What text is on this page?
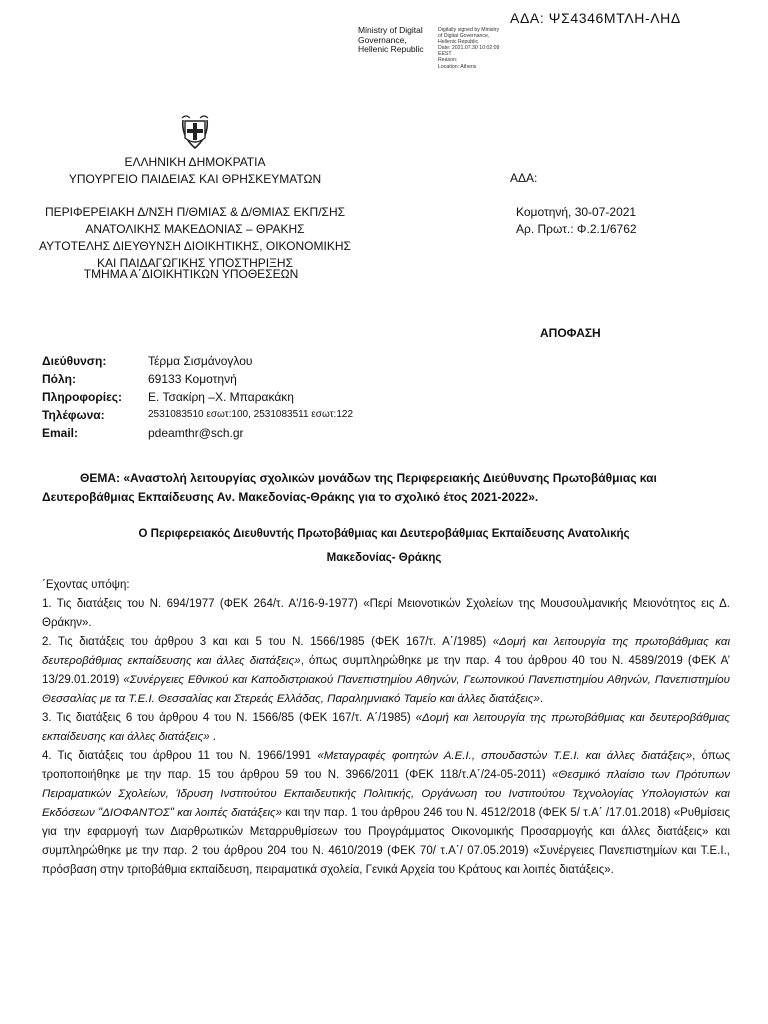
ΑΔΑ: ΨΣ4346ΜΤΛΗ-ΛΗΔ
Ministry of Digital
Governance,
Hellenic Republic
Digitally signed by Ministry
of Digital Governance,
Hellenic Republic
Date: 2021.07.30 10:02:09
EEST
Reason:
Location: Athens
ΕΛΛΗΝΙΚΗ ΔΗΜΟΚΡΑΤΙΑ
ΥΠΟΥΡΓΕΙΟ ΠΑΙΔΕΙΑΣ ΚΑΙ ΘΡΗΣΚΕΥΜΑΤΩΝ
ΠΕΡΙΦΕΡΕΙΑΚΗ Δ/ΝΣΗ Π/ΘΜΙΑΣ & Δ/ΘΜΙΑΣ ΕΚΠ/ΣΗΣ
ΑΝΑΤΟΛΙΚΗΣ ΜΑΚΕΔΟΝΙΑΣ – ΘΡΑΚΗΣ
ΑΥΤΟΤΕΛΗΣ ΔΙΕΥΘΥΝΣΗ ΔΙΟΙΚΗΤΙΚΗΣ, ΟΙΚΟΝΟΜΙΚΗΣ
ΚΑΙ ΠΑΙΔΑΓΩΓΙΚΗΣ ΥΠΟΣΤΗΡΙΞΗΣ
ΤΜΗΜΑ Α΄ΔΙΟΙΚΗΤΙΚΩΝ ΥΠΟΘΕΣΕΩΝ
ΑΔΑ:
Κομοτηνή, 30-07-2021
Αρ. Πρωτ.: Φ.2.1/6762
ΑΠΟΦΑΣΗ
Διεύθυνση:
Πόλη:
Πληροφορίες:
Τηλέφωνα:
Email:
Τέρμα Σισμάνογλου
69133 Κομοτηνή
Ε. Τσακίρη –Χ. Μπαρακάκη
2531083510 εσωτ:100, 2531083511 εσωτ:122
pdeamthr@sch.gr
ΘΕΜΑ: «Αναστολή λειτουργίας σχολικών μονάδων της Περιφερειακής Διεύθυνσης Πρωτοβάθμιας και Δευτεροβάθμιας Εκπαίδευσης Αν. Μακεδονίας-Θράκης για το σχολικό έτος 2021-2022».
Ο Περιφερειακός Διευθυντής Πρωτοβάθμιας και Δευτεροβάθμιας Εκπαίδευσης Ανατολικής
Μακεδονίας- Θράκης

΄Εχοντας υπόψη:

1. Τις διατάξεις του Ν. 694/1977 (ΦΕΚ 264/τ. Α'/16-9-1977) «Περί Μειονοτικών Σχολείων της Μουσουλμανικής Μειονότητος εις Δ. Θράκην».

2. Τις διατάξεις του άρθρου 3 και και 5 του Ν. 1566/1985 (ΦΕΚ 167/τ. Α΄/1985) «Δομή και λειτουργία της πρωτοβάθμιας και δευτεροβάθμιας εκπαίδευσης και άλλες διατάξεις», όπως συμπληρώθηκε με την παρ. 4 του άρθρου 40 του Ν. 4589/2019 (ΦΕΚ Α’ 13/29.01.2019) «Συνέργειες Εθνικού και Καποδιστριακού Πανεπιστημίου Αθηνών, Γεωπονικού Πανεπιστημίου Αθηνών, Πανεπιστημίου Θεσσαλίας με τα Τ.Ε.Ι. Θεσσαλίας και Στερεάς Ελλάδας, Παραλημνιακό Ταμείο και άλλες διατάξεις».

3. Τις διατάξεις 6 του άρθρου 4 του Ν. 1566/85 (ΦΕΚ 167/τ. Α΄/1985) «Δομή και λειτουργία της πρωτοβάθμιας και δευτεροβάθμιας εκπαίδευσης και άλλες διατάξεις» .

4. Τις διατάξεις του άρθρου 11 του Ν. 1966/1991 «Μεταγραφές φοιτητών Α.Ε.Ι., σπουδαστών Τ.Ε.Ι. και άλλες διατάξεις», όπως τροποποιήθηκε με την παρ. 15 του άρθρου 59 του Ν. 3966/2011 (ΦΕΚ 118/τ.Α΄/24-05-2011) «Θεσμικό πλαίσιο των Πρότυπων Πειραματικών Σχολείων, Ίδρυση Ινστιτούτου Εκπαιδευτικής Πολιτικής, Οργάνωση του Ινστιτούτου Τεχνολογίας Υπολογιστών και Εκδόσεων "ΔΙΟΦΑΝΤΟΣ" και λοιπές διατάξεις» και την παρ. 1 του άρθρου 246 του Ν. 4512/2018 (ΦΕΚ 5/ τ.Α΄ /17.01.2018) «Ρυθμίσεις για την εφαρμογή των Διαρθρωτικών Μεταρρυθμίσεων του Προγράμματος Οικονομικής Προσαρμογής και άλλες διατάξεις» και συμπληρώθηκε με την παρ. 2 του άρθρου 204 του Ν. 4610/2019 (ΦΕΚ 70/ τ.Α΄/ 07.05.2019) «Συνέργειες Πανεπιστημίων και Τ.Ε.Ι., πρόσβαση στην τριτοβάθμια εκπαίδευση, πειραματικά σχολεία, Γενικά Αρχεία του Κράτους και λοιπές διατάξεις».
